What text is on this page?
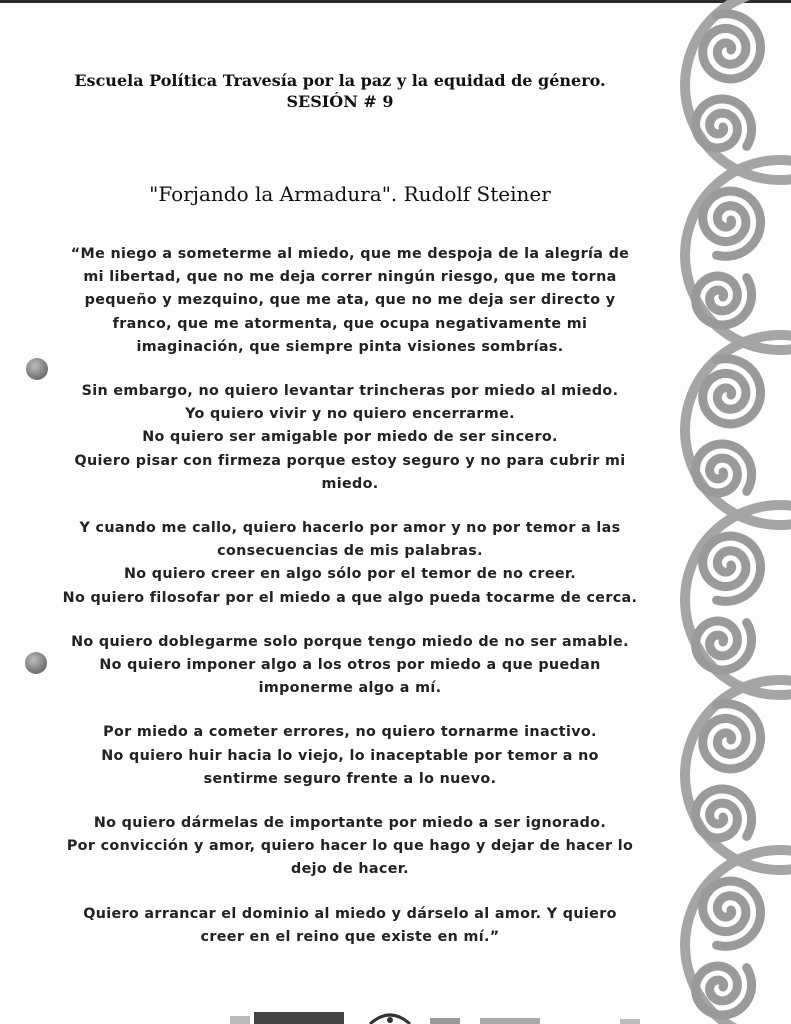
Escuela Política Travesía por la paz y la equidad de género.
SESIÓN # 9
"Forjando la Armadura". Rudolf Steiner
“Me niego a someterme al miedo, que me despoja de la alegría de
mi libertad, que no me deja correr ningún riesgo, que me torna
pequeño y mezquino, que me ata, que no me deja ser directo y
franco, que me atormenta, que ocupa negativamente mi
imaginación, que siempre pinta visiones sombrías.
Sin embargo, no quiero levantar trincheras por miedo al miedo.
Yo quiero vivir y no quiero encerrarme.
No quiero ser amigable por miedo de ser sincero.
Quiero pisar con firmeza porque estoy seguro y no para cubrir mi
miedo.
Y cuando me callo, quiero hacerlo por amor y no por temor a las
consecuencias de mis palabras.
No quiero creer en algo sólo por el temor de no creer.
No quiero filosofar por el miedo a que algo pueda tocarme de cerca.
No quiero doblegarme solo porque tengo miedo de no ser amable.
No quiero imponer algo a los otros por miedo a que puedan
imponerme algo a mí.
Por miedo a cometer errores, no quiero tornarme inactivo.
No quiero huir hacia lo viejo, lo inaceptable por temor a no
sentirme seguro frente a lo nuevo.
No quiero dármelas de importante por miedo a ser ignorado.
Por convicción y amor, quiero hacer lo que hago y dejar de hacer lo
dejo de hacer.
Quiero arrancar el dominio al miedo y dárselo al amor. Y quiero
creer en el reino que existe en mí.”
